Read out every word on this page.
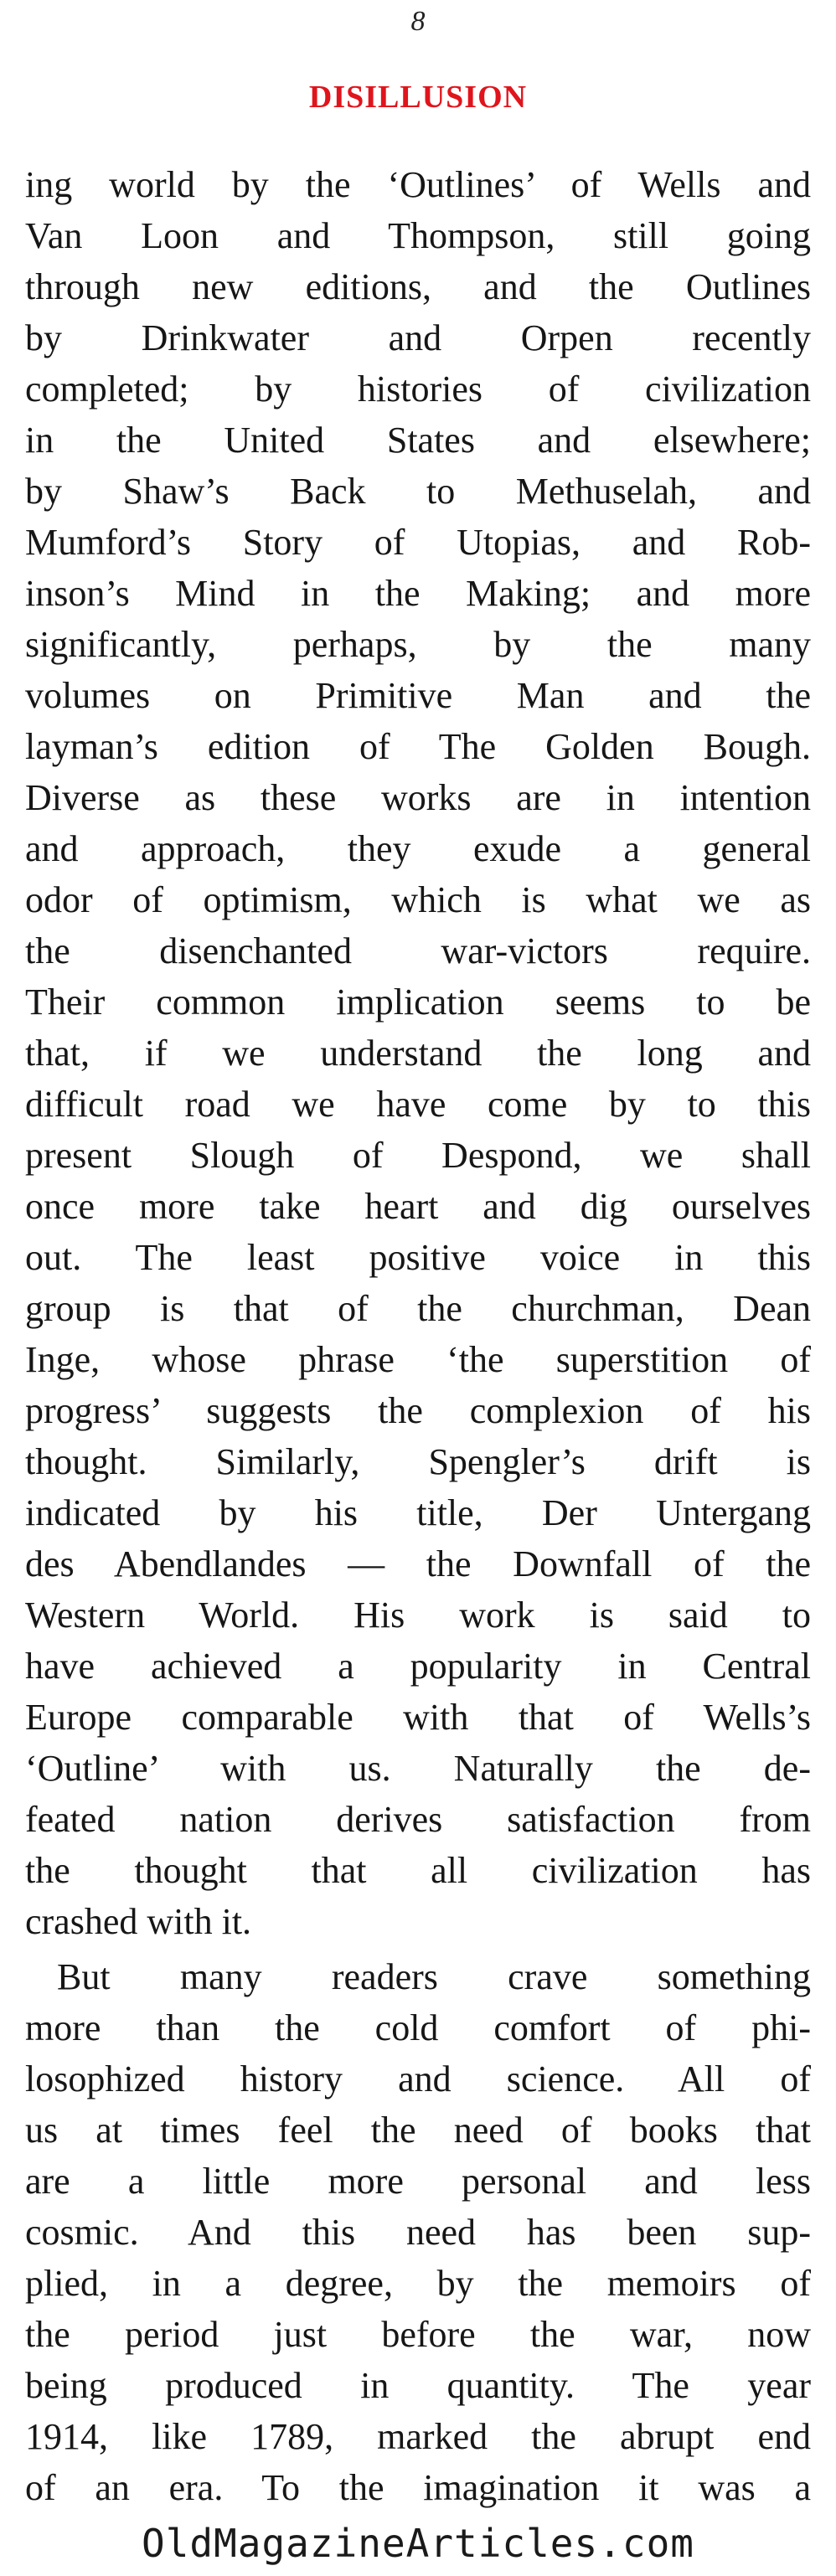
8
DISILLUSION
ing world by the ‘Outlines’ of Wells and
Van Loon and Thompson, still going
through new editions, and the Outlines
by Drinkwater and Orpen recently
completed; by histories of civilization
in the United States and elsewhere;
by Shaw’s Back to Methuselah, and
Mumford’s Story of Utopias, and Rob-
inson’s Mind in the Making; and more
significantly, perhaps, by the many
volumes on Primitive Man and the
layman’s edition of The Golden Bough.
Diverse as these works are in intention
and approach, they exude a general
odor of optimism, which is what we as
the disenchanted war-victors require.
Their common implication seems to be
that, if we understand the long and
difficult road we have come by to this
present Slough of Despond, we shall
once more take heart and dig ourselves
out. The least positive voice in this
group is that of the churchman, Dean
Inge, whose phrase ‘the superstition of
progress’ suggests the complexion of his
thought. Similarly, Spengler’s drift is
indicated by his title, Der Untergang
des Abendlandes — the Downfall of the
Western World. His work is said to
have achieved a popularity in Central
Europe comparable with that of Wells’s
‘Outline’ with us. Naturally the de-
feated nation derives satisfaction from
the thought that all civilization has
crashed with it.
But many readers crave something
more than the cold comfort of phi-
losophized history and science. All of
us at times feel the need of books that
are a little more personal and less
cosmic. And this need has been sup-
plied, in a degree, by the memoirs of
the period just before the war, now
being produced in quantity. The year
1914, like 1789, marked the abrupt end
of an era. To the imagination it was a
OldMagazineArticles.com
